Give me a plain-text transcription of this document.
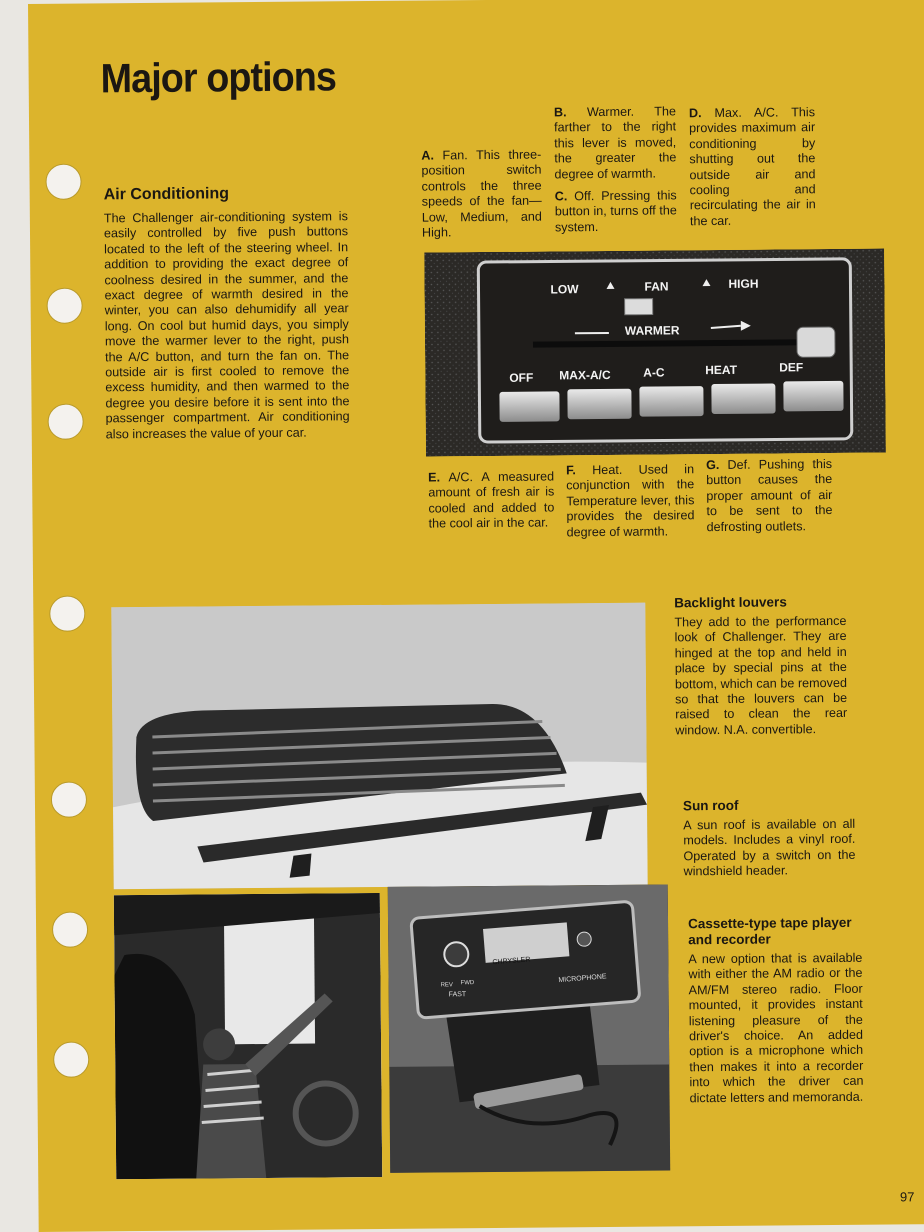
Major options
Air Conditioning

The Challenger air-conditioning system is easily controlled by five push buttons located to the left of the steering wheel. In addition to providing the exact degree of coolness desired in the summer, and the exact degree of warmth desired in the winter, you can also dehumidify all year long. On cool but humid days, you simply move the warmer lever to the right, push the A/C button, and turn the fan on. The outside air is first cooled to remove the excess humidity, and then warmed to the degree you desire before it is sent into the passenger compartment. Air conditioning also increases the value of your car.

A. Fan. This three-position switch controls the three speeds of the fan—Low, Medium, and High.

B. Warmer. The farther to the right this lever is moved, the greater the degree of warmth.

C. Off. Pressing this button in, turns off the system.

D. Max. A/C. This provides maximum air conditioning by shutting out the outside air and cooling and recirculating the air in the car.

LOW	FAN	HIGH
WARMER
OFF MAX-A/C	A-C	HEAT	DEF

E. A/C. A measured amount of fresh air is cooled and added to the cool air in the car.

F. Heat. Used in conjunction with the Temperature lever, this provides the desired degree of warmth.

G. Def. Pushing this button causes the proper amount of air to be sent to the defrosting outlets.

CHRYSLER
MICROPHONE
REV FWD
FAST
Backlight louvers

They add to the performance look of Challenger. They are hinged at the top and held in place by special pins at the bottom, which can be removed so that the louvers can be raised to clean the rear window. N.A. convertible.

Sun roof

A sun roof is available on all models. Includes a vinyl roof. Operated by a switch on the windshield header.

Cassette-type tape player and recorder

A new option that is available with either the AM radio or the AM/FM stereo radio. Floor mounted, it provides instant listening pleasure of the driver's choice. An added option is a microphone which then makes it into a recorder into which the driver can dictate letters and memoranda.

97
